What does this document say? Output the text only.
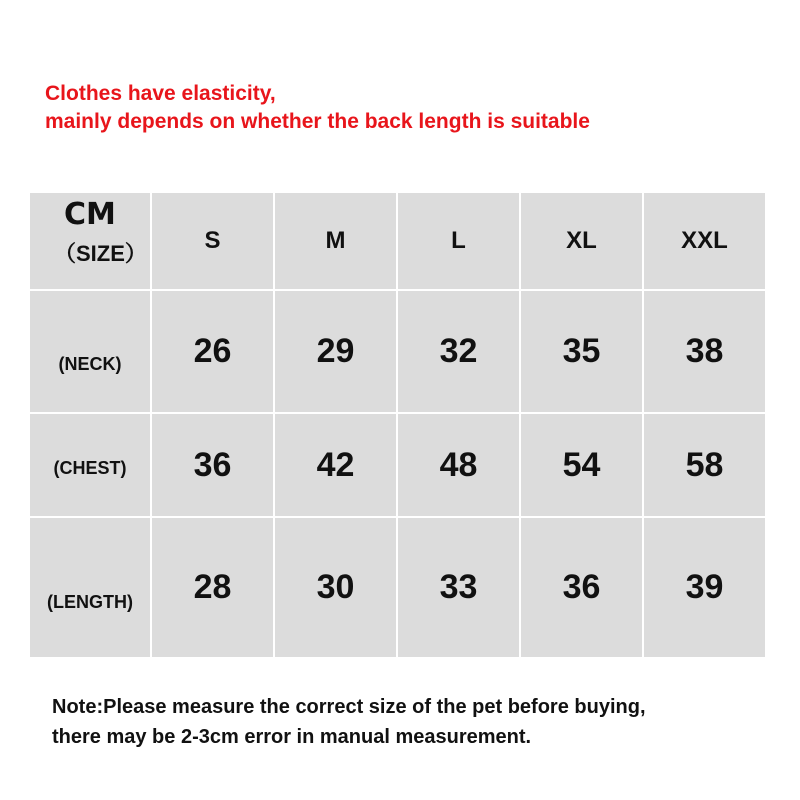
Clothes have elasticity,
mainly depends on whether the back length is suitable
CM
（SIZE）	S	M	L	XL	XXL
(NECK)	26	29	32	35	38
(CHEST)	36	42	48	54	58
(LENGTH)	28	30	33	36	39
Note:Please measure the correct size of the pet before buying,
there may be 2-3cm error in manual measurement.
